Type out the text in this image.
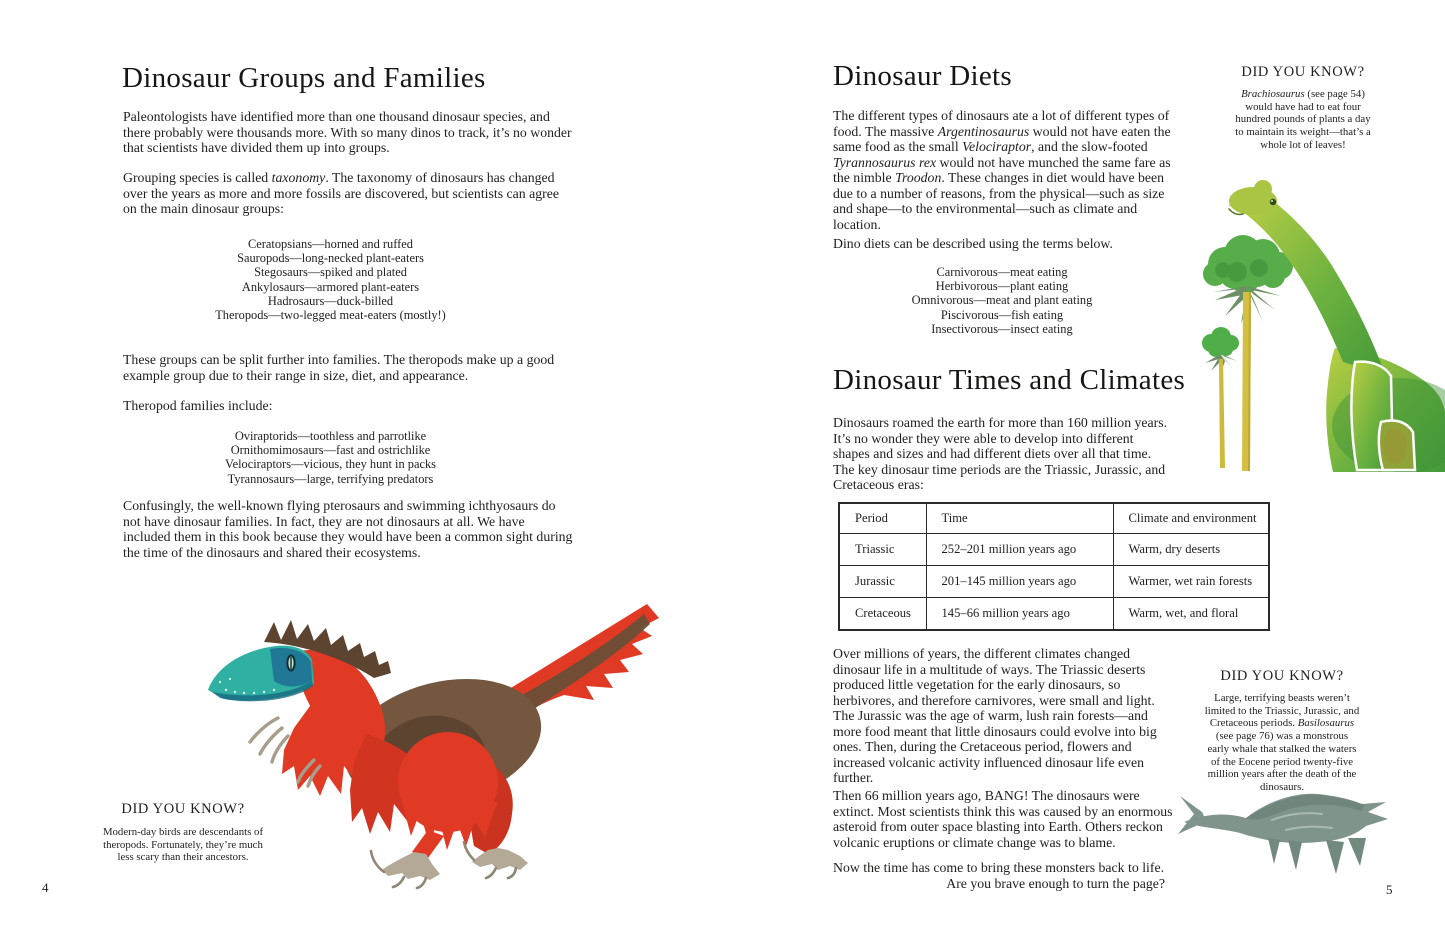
Dinosaur Groups and Families
Paleontologists have identified more than one thousand dinosaur species, and there probably were thousands more. With so many dinos to track, it’s no wonder that scientists have divided them up into groups.
Grouping species is called taxonomy. The taxonomy of dinosaurs has changed over the years as more and more fossils are discovered, but scientists can agree on the main dinosaur groups:
Ceratopsians—horned and ruffed
Sauropods—long-necked plant-eaters
Stegosaurs—spiked and plated
Ankylosaurs—armored plant-eaters
Hadrosaurs—duck-billed
Theropods—two-legged meat-eaters (mostly!)
These groups can be split further into families. The theropods make up a good example group due to their range in size, diet, and appearance.
Theropod families include:
Oviraptorids—toothless and parrotlike
Ornithomimosaurs—fast and ostrichlike
Velociraptors—vicious, they hunt in packs
Tyrannosaurs—large, terrifying predators
Confusingly, the well-known flying pterosaurs and swimming ichthyosaurs do not have dinosaur families. In fact, they are not dinosaurs at all. We have included them in this book because they would have been a common sight during the time of the dinosaurs and shared their ecosystems.
DID YOU KNOW?
Modern-day birds are descendants of theropods. Fortunately, they’re much less scary than their ancestors.
4
Dinosaur Diets
The different types of dinosaurs ate a lot of different types of food. The massive Argentinosaurus would not have eaten the same food as the small Velociraptor, and the slow-footed Tyrannosaurus rex would not have munched the same fare as the nimble Troodon. These changes in diet would have been due to a number of reasons, from the physical—such as size and shape—to the environmental—such as climate and location.
Dino diets can be described using the terms below.
Carnivorous—meat eating
Herbivorous—plant eating
Omnivorous—meat and plant eating
Piscivorous—fish eating
Insectivorous—insect eating
DID YOU KNOW?
Brachiosaurus (see page 54) would have had to eat four hundred pounds of plants a day to maintain its weight—that’s a whole lot of leaves!
Dinosaur Times and Climates
Dinosaurs roamed the earth for more than 160 million years. It’s no wonder they were able to develop into different shapes and sizes and had different diets over all that time. The key dinosaur time periods are the Triassic, Jurassic, and Cretaceous eras:
Period	Time	Climate and environment
Triassic	252–201 million years ago	Warm, dry deserts
Jurassic	201–145 million years ago	Warmer, wet rain forests
Cretaceous	145–66 million years ago	Warm, wet, and floral
Over millions of years, the different climates changed dinosaur life in a multitude of ways. The Triassic deserts produced little vegetation for the early dinosaurs, so herbivores, and therefore carnivores, were small and light. The Jurassic was the age of warm, lush rain forests—and more food meant that little dinosaurs could evolve into big ones. Then, during the Cretaceous period, flowers and increased volcanic activity influenced dinosaur life even further.
DID YOU KNOW?
Large, terrifying beasts weren’t limited to the Triassic, Jurassic, and Cretaceous periods. Basilosaurus (see page 76) was a monstrous early whale that stalked the waters of the Eocene period twenty-five million years after the death of the dinosaurs.
Then 66 million years ago, BANG! The dinosaurs were extinct. Most scientists think this was caused by an enormous asteroid from outer space blasting into Earth. Others reckon volcanic eruptions or climate change was to blame.
Now the time has come to bring these monsters back to life.
Are you brave enough to turn the page?	5
